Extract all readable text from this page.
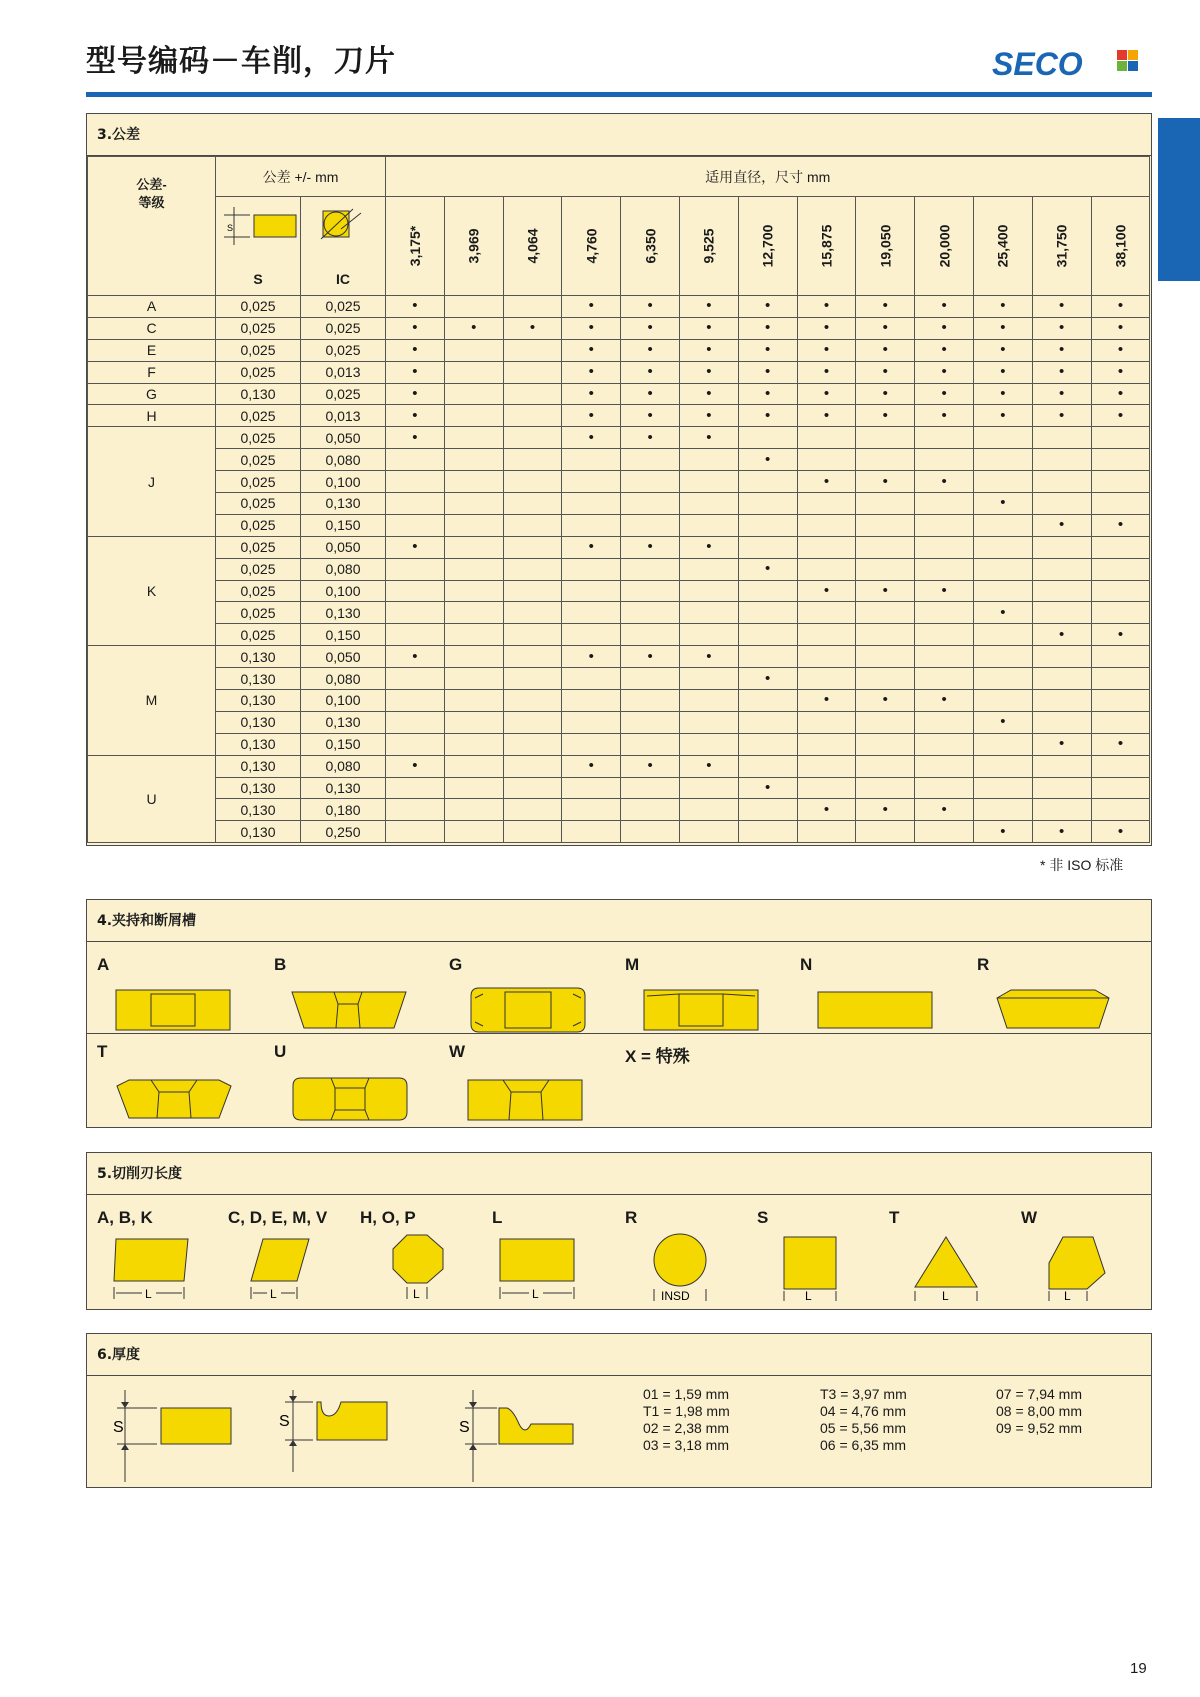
型号编码－车削，刀片	SECO
3.公差
公差-
等级	公差 +/- mm		适用直径，尺寸 mm												

S
S	IC	3,175*	3,969	4,064	4,760	6,350	9,525	12,700	15,875	19,050	20,000	25,400	31,750	38,100
A	0,025	0,025	•			•	•	•	•	•	•	•	•	•	•
C	0,025	0,025	•	•	•	•	•	•	•	•	•	•	•	•	•
E	0,025	0,025	•			•	•	•	•	•	•	•	•	•	•
F	0,025	0,013	•			•	•	•	•	•	•	•	•	•	•
G	0,130	0,025	•			•	•	•	•	•	•	•	•	•	•
H	0,025	0,013	•			•	•	•	•	•	•	•	•	•	•
J	0,025	0,050	•			•	•	•							
	0,025	0,080							•						
	0,025	0,100								•	•	•			
	0,025	0,130											•		
	0,025	0,150												•	•
K	0,025	0,050	•			•	•	•							
	0,025	0,080							•						
	0,025	0,100								•	•	•			
	0,025	0,130											•		
	0,025	0,150												•	•
M	0,130	0,050	•			•	•	•							
	0,130	0,080							•						
	0,130	0,100								•	•	•			
	0,130	0,130											•		
	0,130	0,150												•	•
U	0,130	0,080	•			•	•	•							
	0,130	0,130							•						
	0,130	0,180								•	•	•			
	0,130	0,250											•	•	•
* 非 ISO 标准
4.夹持和断屑槽
A	B	G	M	N	R
T	U	W	X = 特殊
5.切削刃长度
A, B, K	C, D, E, M, V H, O, P	L	R	S	T	W
L	L	L	L	INSD	L	L	L
6.厚度
S	S	S
01 = 1,59 mm
T1 = 1,98 mm
02 = 2,38 mm
03 = 3,18 mm
T3 = 3,97 mm
04 = 4,76 mm
05 = 5,56 mm
06 = 6,35 mm
07 = 7,94 mm
08 = 8,00 mm
09 = 9,52 mm
19
